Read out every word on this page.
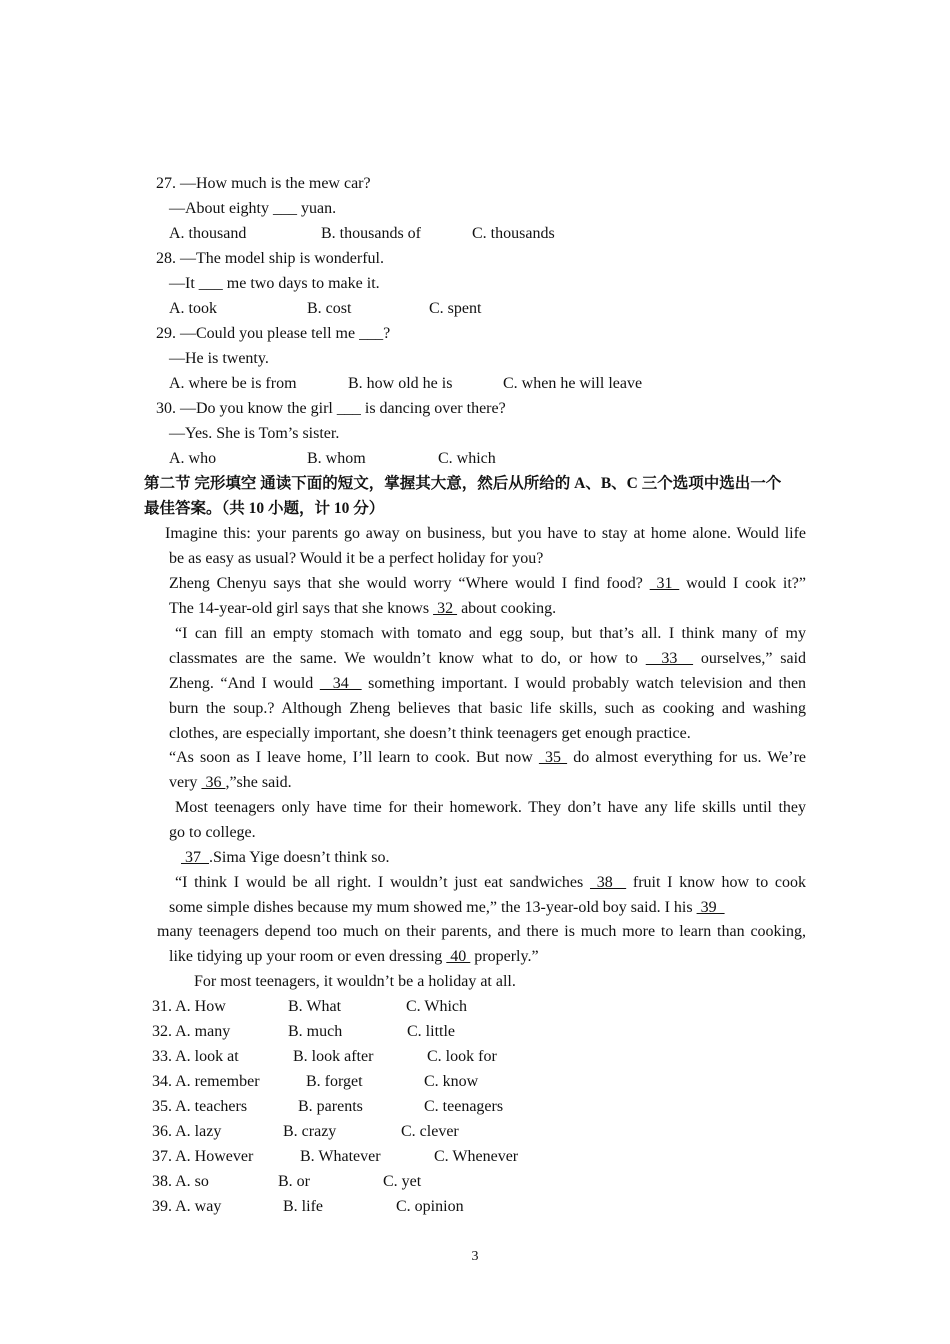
27. —How much is the mew car?
—About eighty ___ yuan.
A. thousand	B. thousands of	C. thousands
28. —The model ship is wonderful.
—It ___ me two days to make it.
A. took	B. cost	C. spent
29. —Could you please tell me ___?
—He is twenty.
A. where be is from	B. how old he is	C. when he will leave
30. —Do you know the girl ___ is dancing over there?
—Yes. She is Tom’s sister.
A. who	B. whom	C. which
第二节 完形填空 通读下面的短文，掌握其大意，然后从所给的 A、B、C 三个选项中选出一个
最佳答案。（共 10 小题，计 10 分）
Imagine this: your parents go away on business, but you have to stay at home alone. Would life
be as easy as usual? Would it be a perfect holiday for you?
Zheng Chenyu says that she would worry “Where would I find food?  31  would I cook it?”
The 14-year-old girl says that she knows  32  about cooking.
“I can fill an empty stomach with tomato and egg soup, but that’s all. I think many of my
classmates are the same. We wouldn’t know what to do, or how to   33   ourselves,” said
Zheng. “And I would   34   something important. I would probably watch television and then
burn the soup.? Although Zheng believes that basic life skills, such as cooking and washing
clothes, are especially important, she doesn’t think teenagers get enough practice.
“As soon as I leave home, I’ll learn to cook. But now  35  do almost everything for us. We’re
very  36 ,”she said.
Most teenagers only have time for their homework. They don’t have any life skills until they
go to college.
37  .Sima Yige doesn’t think so.
“I think I would be all right. I wouldn’t just eat sandwiches  38   fruit I know how to cook
some simple dishes because my mum showed me,” the 13-year-old boy said. I his  39
many teenagers depend too much on their parents, and there is much more to learn than cooking,
like tidying up your room or even dressing  40  properly.”
For most teenagers, it wouldn’t be a holiday at all.
31. A. How	B. What	C. Which
32. A. many	B. much	C. little
33. A. look at	B. look after	C. look for
34. A. remember	B. forget	C. know
35. A. teachers	B. parents	C. teenagers
36. A. lazy	B. crazy	C. clever
37. A. However	B. Whatever	C. Whenever
38. A. so	B. or	C. yet
39. A. way	B. life	C. opinion
3
